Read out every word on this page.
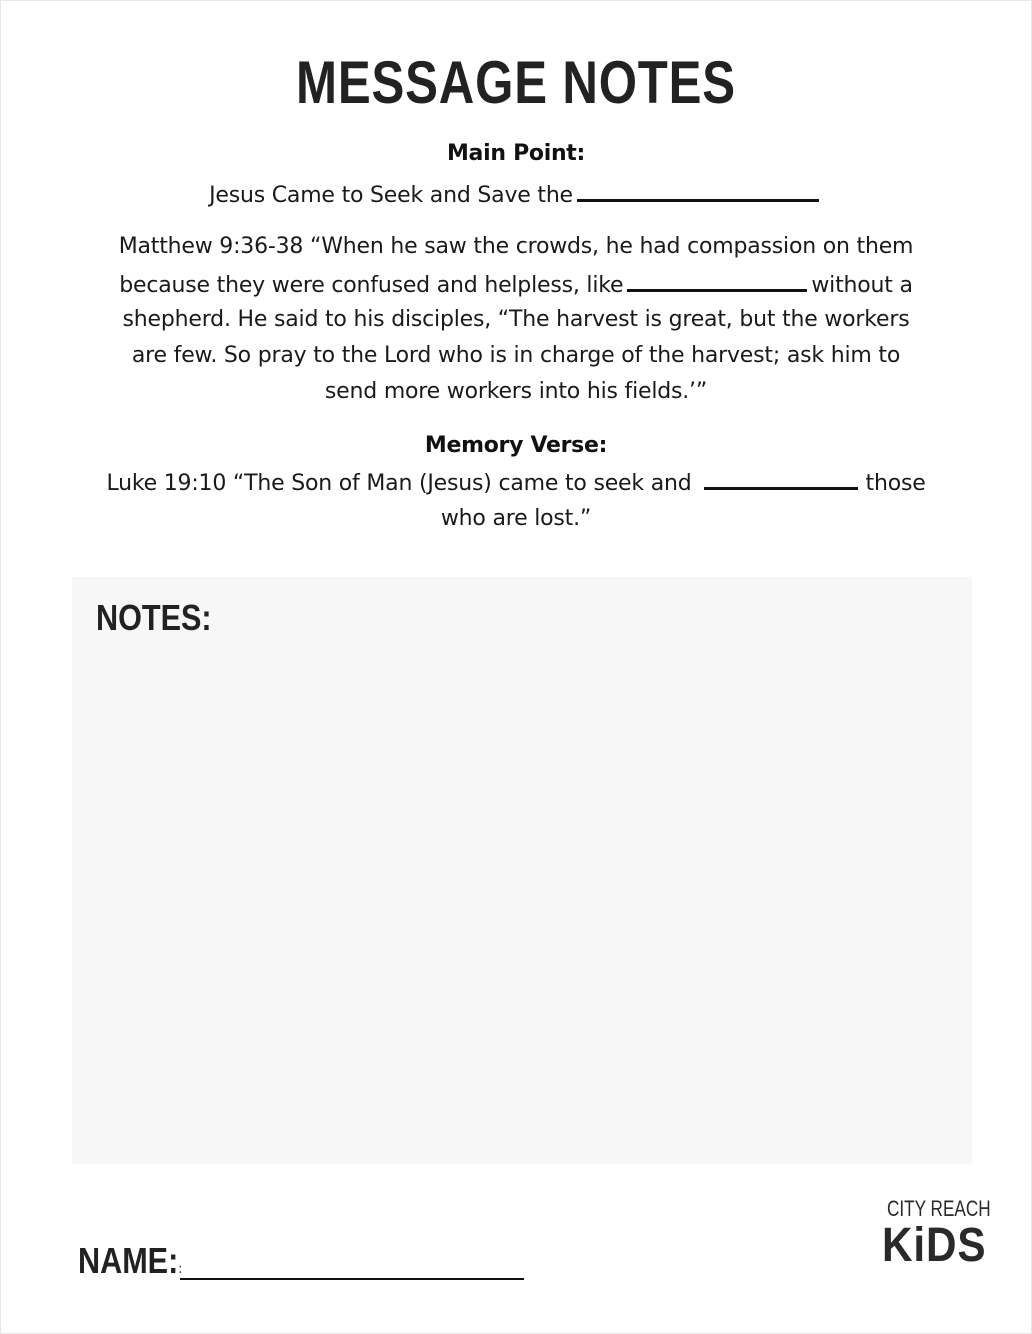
MESSAGE NOTES
Main Point:
Jesus Came to Seek and Save the
Matthew 9:36-38 “When he saw the crowds, he had compassion on them
because they were confused and helpless, like	without a
shepherd. He said to his disciples, “The harvest is great, but the workers
are few. So pray to the Lord who is in charge of the harvest; ask him to
send more workers into his fields.’”
Memory Verse:
Luke 19:10 “The Son of Man (Jesus) came to seek and	those
who are lost.”
NOTES:
NAME::
CITY REACH
KiDS
